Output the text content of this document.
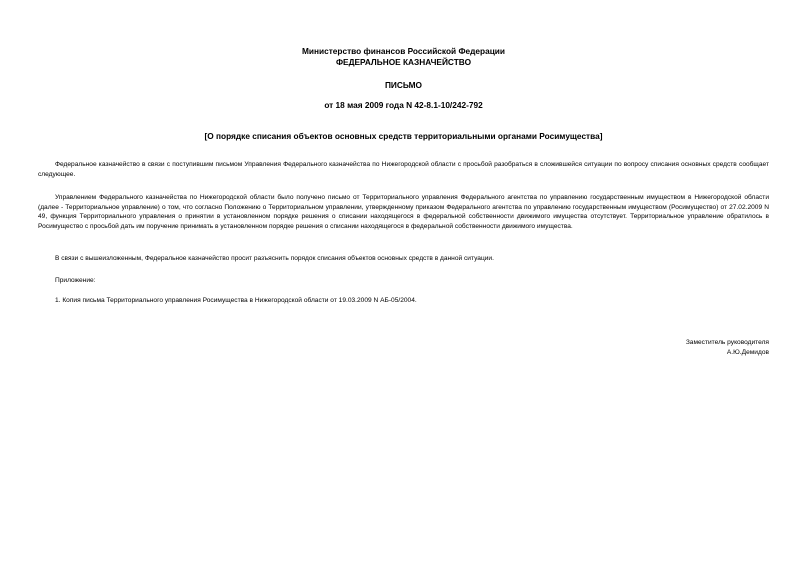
Министерство финансов Российской Федерации
ФЕДЕРАЛЬНОЕ КАЗНАЧЕЙСТВО
ПИСЬМО
от 18 мая 2009 года N 42-8.1-10/242-792
[О порядке списания объектов основных средств территориальными органами Росимущества]
Федеральное казначейство в связи с поступившим письмом Управления Федерального казначейства по Нижегородской области с просьбой разобраться в сложившейся ситуации по вопросу списания основных средств сообщает следующее.
Управлением Федерального казначейства по Нижегородской области было получено письмо от Территориального управления Федерального агентства по управлению государственным имуществом в Нижегородской области (далее - Территориальное управление) о том, что согласно Положению о Территориальном управлении, утвержденному приказом Федерального агентства по управлению государственным имуществом (Росимущество) от 27.02.2009 N 49, функция Территориального управления о принятии в установленном порядке решения о списании находящегося в федеральной собственности движимого имущества отсутствует. Территориальное управление обратилось в Росимущество с просьбой дать им поручение принимать в установленном порядке решения о списании находящегося в федеральной собственности движимого имущества.
В связи с вышеизложенным, Федеральное казначейство просит разъяснить порядок списания объектов основных средств в данной ситуации.
Приложение:
1. Копия письма Территориального управления Росимущества в Нижегородской области от 19.03.2009 N АБ-05/2004.
Заместитель руководителя
А.Ю.Демидов
